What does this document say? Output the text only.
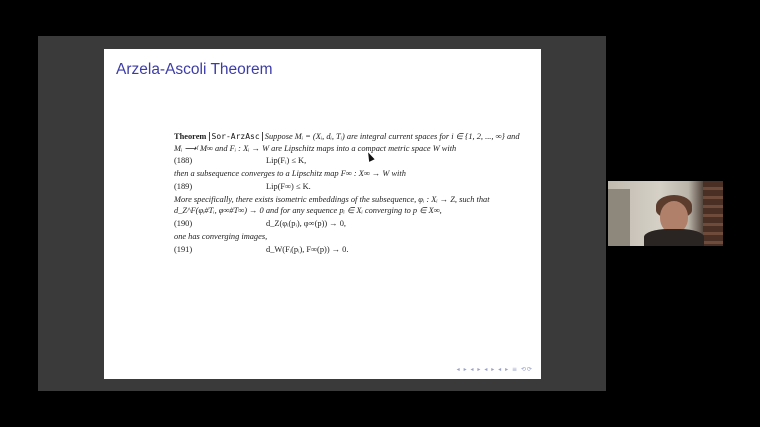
Arzela-Ascoli Theorem
Theorem Sor-ArzAsc Suppose Mᵢ = (Xᵢ, dᵢ, Tᵢ) are integral current spaces for i ∈ {1, 2, ..., ∞} and Mᵢ ⟶ᶠ M∞ and Fᵢ : Xᵢ → W are Lipschitz maps into a compact metric space W with
(188)	Lip(Fᵢ) ≤ K,
then a subsequence converges to a Lipschitz map F∞ : X∞ → W with
(189)	Lip(F∞) ≤ K.
More specifically, there exists isometric embeddings of the subsequence, φᵢ : Xᵢ → Z, such that d_Z^F(φᵢ#Tᵢ, φ∞#T∞) → 0 and for any sequence pᵢ ∈ Xᵢ converging to p ∈ X∞,
(190)	d_Z(φᵢ(pᵢ), φ∞(p)) → 0,
one has converging images,
(191)	d_W(Fᵢ(pᵢ), F∞(p)) → 0.
◂ ▸ ◂ ▸ ◂ ▸ ◂ ▸ ≡ ⟲⟳
